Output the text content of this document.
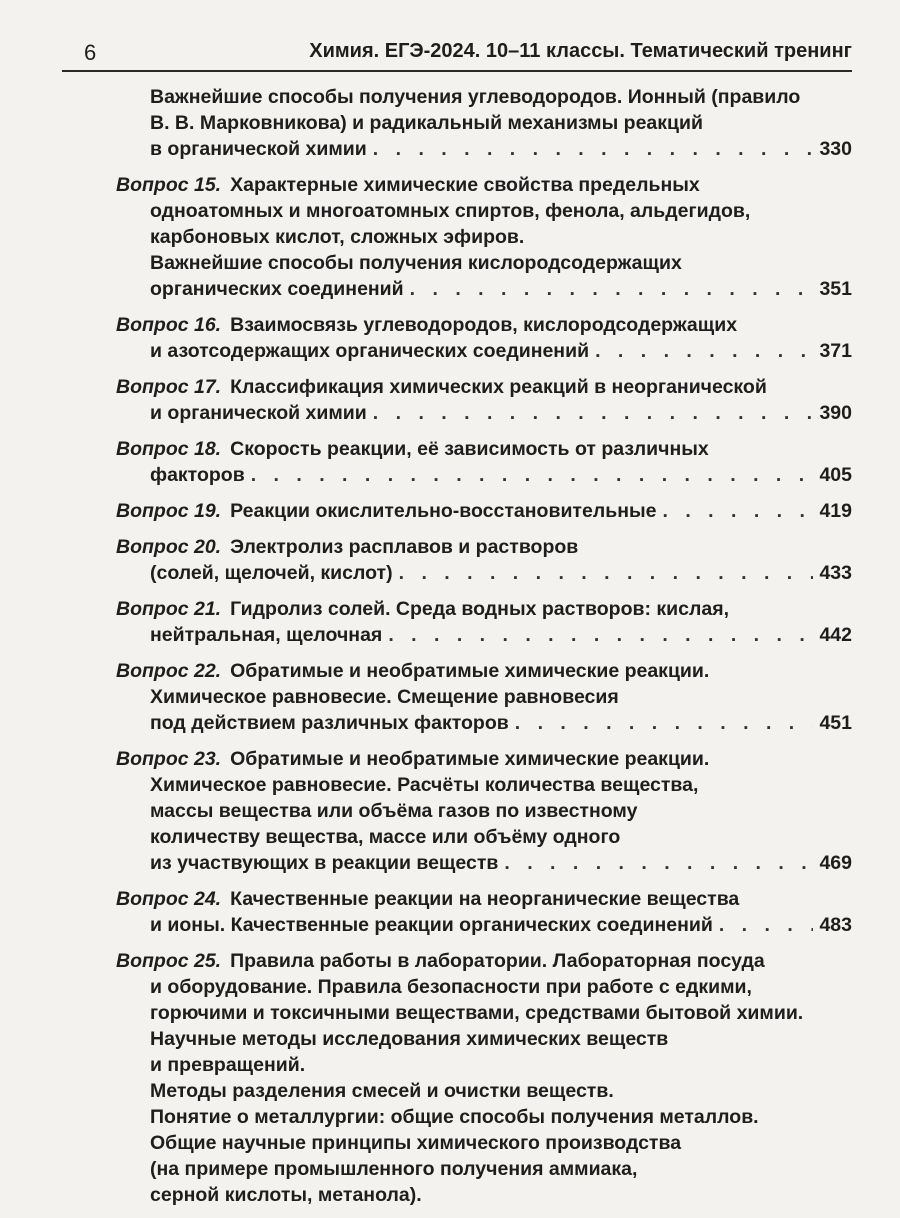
6	Химия. ЕГЭ-2024. 10–11 классы. Тематический тренинг
Важнейшие способы получения углеводородов. Ионный (правило
В. В. Марковникова) и радикальный механизмы реакций
в органической химии . . .	330
Вопрос 15. Характерные химические свойства предельных
одноатомных и многоатомных спиртов, фенола, альдегидов,
карбоновых кислот, сложных эфиров.
Важнейшие способы получения кислородсодержащих
органических соединений . . .	351
Вопрос 16. Взаимосвязь углеводородов, кислородсодержащих
и азотсодержащих органических соединений . . .	371
Вопрос 17. Классификация химических реакций в неорганической
и органической химии . . .	390
Вопрос 18. Скорость реакции, её зависимость от различных
факторов . . .	405
Вопрос 19. Реакции окислительно-восстановительные . . .	419
Вопрос 20. Электролиз расплавов и растворов
(солей, щелочей, кислот) . . .	433
Вопрос 21. Гидролиз солей. Среда водных растворов: кислая,
нейтральная, щелочная . . .	442
Вопрос 22. Обратимые и необратимые химические реакции.
Химическое равновесие. Смещение равновесия
под действием различных факторов . . .	451
Вопрос 23. Обратимые и необратимые химические реакции.
Химическое равновесие. Расчёты количества вещества,
массы вещества или объёма газов по известному
количеству вещества, массе или объёму одного
из участвующих в реакции веществ . . .	469
Вопрос 24. Качественные реакции на неорганические вещества
и ионы. Качественные реакции органических соединений . . .	483
Вопрос 25. Правила работы в лаборатории. Лабораторная посуда
и оборудование. Правила безопасности при работе с едкими,
горючими и токсичными веществами, средствами бытовой химии.
Научные методы исследования химических веществ
и превращений.
Методы разделения смесей и очистки веществ.
Понятие о металлургии: общие способы получения металлов.
Общие научные принципы химического производства
(на примере промышленного получения аммиака,
серной кислоты, метанола).
